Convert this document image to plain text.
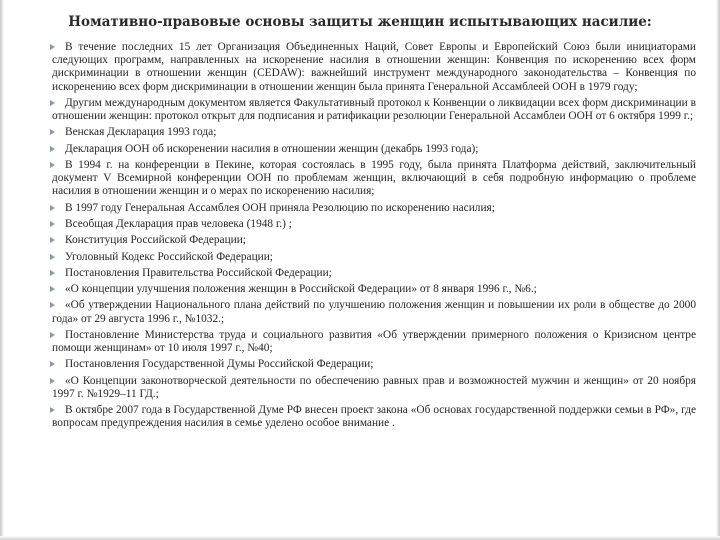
Номативно-правовые основы защиты женщин испытывающих насилие:
В течение последних 15 лет Организация Объединенных Наций, Совет Европы и Европейский Союз были инициаторами следующих программ, направленных на искоренение насилия в отношении женщин: Конвенция по искоренению всех форм дискриминации в отношении женщин (CEDAW): важнейший инструмент международного законодательства – Конвенция по искоренению всех форм дискриминации в отношении женщин была принята Генеральной Ассамблеей ООН в 1979 году;
Другим международным документом является Факультативный протокол к Конвенции о ликвидации всех форм дискриминации в отношении женщин: протокол открыт для подписания и ратификации резолюции Генеральной Ассамблеи ООН от 6 октября 1999 г.;
Венская Декларация 1993 года;
Декларация ООН об искоренении насилия в отношении женщин (декабрь 1993 года);
В 1994 г. на конференции в Пекине, которая состоялась в 1995 году, была принята Платформа действий, заключительный документ V Всемирной конференции ООН по проблемам женщин, включающий в себя подробную информацию о проблеме насилия в отношении женщин и о мерах по искоренению насилия;
В 1997 году Генеральная Ассамблея ООН приняла Резолюцию по искоренению насилия;
Всеобщая Декларация прав человека (1948 г.) ;
Конституция Российской Федерации;
Уголовный Кодекс Российской Федерации;
Постановления Правительства Российской Федерации;
«О концепции улучшения положения женщин в Российской Федерации» от 8 января 1996 г., №6.;
«Об утверждении Национального плана действий по улучшению положения женщин и повышении их роли в обществе до 2000 года» от 29 августа 1996 г., №1032.;
Постановление Министерства труда и социального развития «Об утверждении примерного положения о Кризисном центре помощи женщинам» от 10 июля 1997 г., №40;
Постановления Государственной Думы Российской Федерации;
«О Концепции законотворческой деятельности по обеспечению равных прав и возможностей мужчин и женщин» от 20 ноября 1997 г. №1929–11 ГД.;
В октябре 2007 года в Государственной Думе РФ внесен проект закона «Об основах государственной поддержки семьи в РФ», где вопросам предупреждения насилия в семье уделено особое внимание .
